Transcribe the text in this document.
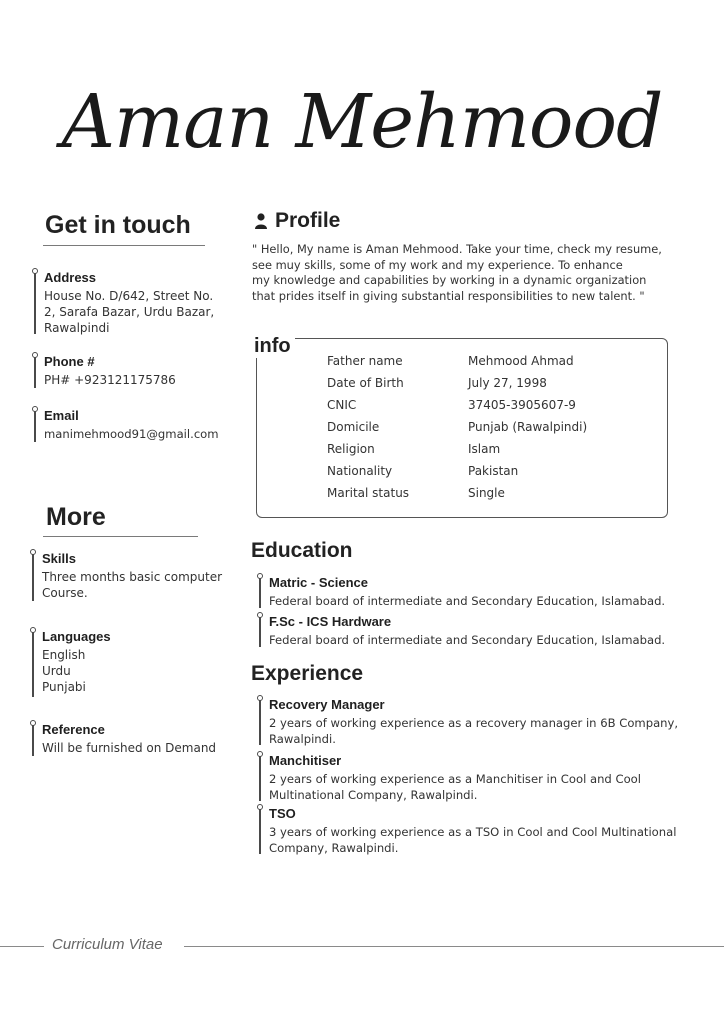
Aman Mehmood
Get in touch
Address
House No. D/642, Street No.
2, Sarafa Bazar, Urdu Bazar,
Rawalpindi
Phone #
PH# +923121175786
Email
manimehmood91@gmail.com
More
Skills
Three months basic computer
Course.
Languages
English
Urdu
Punjabi
Reference
Will be furnished on Demand
Profile
" Hello, My name is Aman Mehmood. Take your time, check my resume,
see muy skills, some of my work and my experience. To enhance
my knowledge and capabilities by working in a dynamic organization
that prides itself in giving substantial responsibilities to new talent. "
info
Father name	Mehmood Ahmad
Date of Birth	July 27, 1998
CNIC	37405-3905607-9
Domicile	Punjab (Rawalpindi)
Religion	Islam
Nationality	Pakistan
Marital status	Single
Education
Matric - Science
Federal board of intermediate and Secondary Education, Islamabad.
F.Sc - ICS Hardware
Federal board of intermediate and Secondary Education, Islamabad.
Experience
Recovery Manager
2 years of working experience as a recovery manager in 6B Company,
Rawalpindi.
Manchitiser
2 years of working experience as a Manchitiser in Cool and Cool
Multinational Company, Rawalpindi.
TSO
3 years of working experience as a TSO in Cool and Cool Multinational
Company, Rawalpindi.
Curriculum Vitae
